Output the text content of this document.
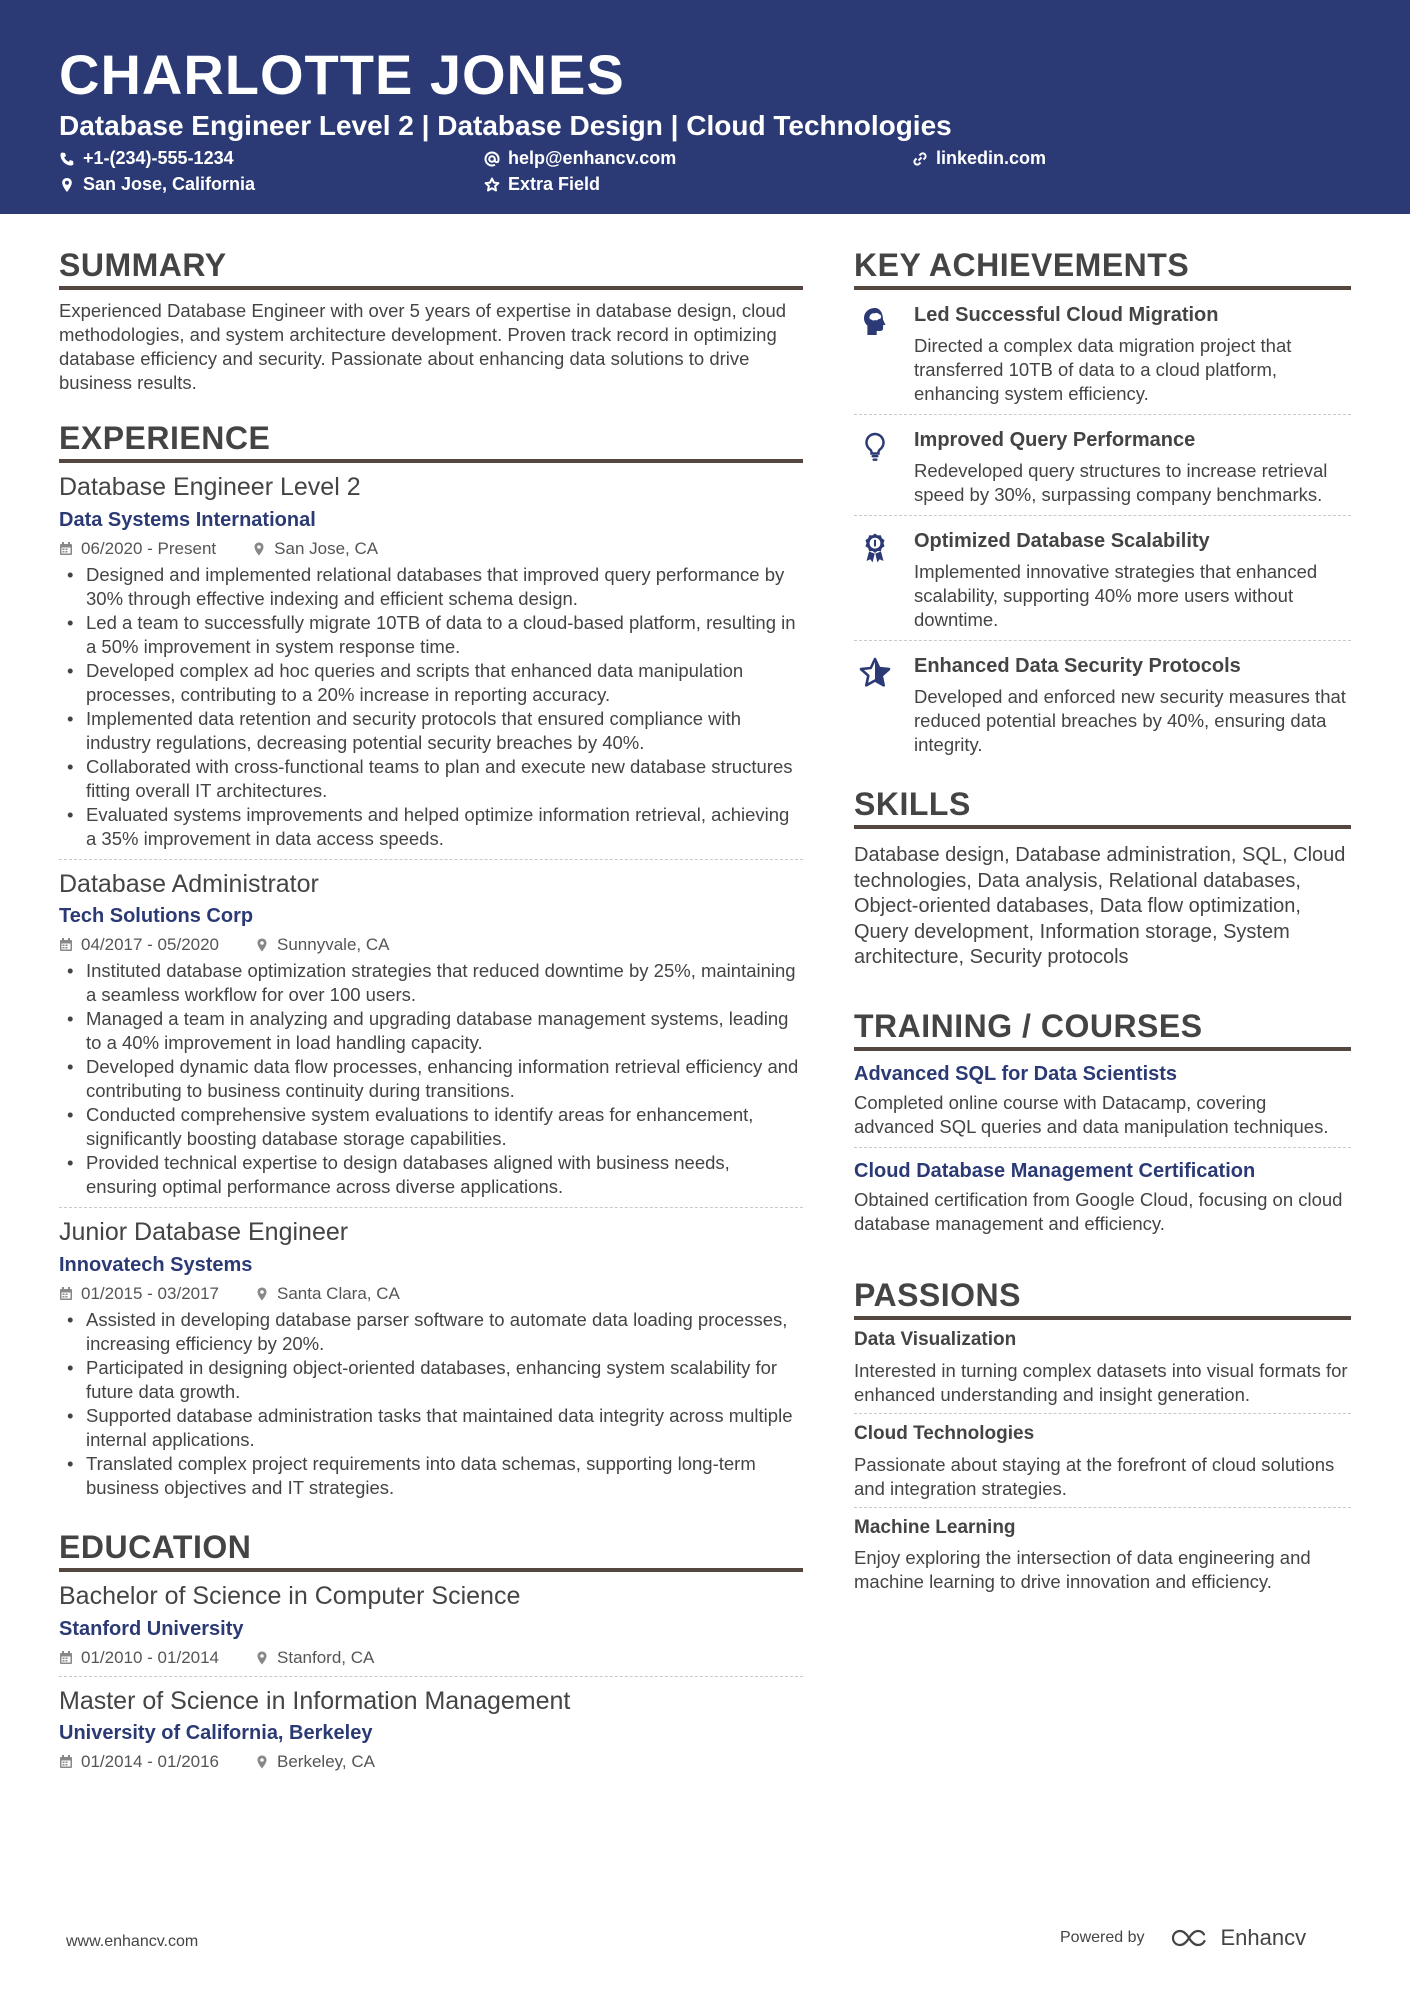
CHARLOTTE JONES
Database Engineer Level 2 | Database Design | Cloud Technologies
+1-(234)-555-1234	help@enhancv.com	linkedin.com
San Jose, California	Extra Field
SUMMARY

Experienced Database Engineer with over 5 years of expertise in database design, cloud methodologies, and system architecture development. Proven track record in optimizing database efficiency and security. Passionate about enhancing data solutions to drive business results.

EXPERIENCE
Database Engineer Level 2
Data Systems International
06/2020 - Present	San Jose, CA
• Designed and implemented relational databases that improved query performance by 30% through effective indexing and efficient schema design.
• Led a team to successfully migrate 10TB of data to a cloud-based platform, resulting in a 50% improvement in system response time.
• Developed complex ad hoc queries and scripts that enhanced data manipulation processes, contributing to a 20% increase in reporting accuracy.
• Implemented data retention and security protocols that ensured compliance with industry regulations, decreasing potential security breaches by 40%.
• Collaborated with cross-functional teams to plan and execute new database structures fitting overall IT architectures.
• Evaluated systems improvements and helped optimize information retrieval, achieving a 35% improvement in data access speeds.
Database Administrator
Tech Solutions Corp
04/2017 - 05/2020	Sunnyvale, CA
• Instituted database optimization strategies that reduced downtime by 25%, maintaining a seamless workflow for over 100 users.
• Managed a team in analyzing and upgrading database management systems, leading to a 40% improvement in load handling capacity.
• Developed dynamic data flow processes, enhancing information retrieval efficiency and contributing to business continuity during transitions.
• Conducted comprehensive system evaluations to identify areas for enhancement, significantly boosting database storage capabilities.
• Provided technical expertise to design databases aligned with business needs, ensuring optimal performance across diverse applications.
Junior Database Engineer
Innovatech Systems
01/2015 - 03/2017	Santa Clara, CA
• Assisted in developing database parser software to automate data loading processes, increasing efficiency by 20%.
• Participated in designing object-oriented databases, enhancing system scalability for future data growth.
• Supported database administration tasks that maintained data integrity across multiple internal applications.
• Translated complex project requirements into data schemas, supporting long-term business objectives and IT strategies.
EDUCATION
Bachelor of Science in Computer Science
Stanford University
01/2010 - 01/2014	Stanford, CA
Master of Science in Information Management
University of California, Berkeley
01/2014 - 01/2016	Berkeley, CA
KEY ACHIEVEMENTS
Led Successful Cloud Migration
Directed a complex data migration project that transferred 10TB of data to a cloud platform, enhancing system efficiency.
Improved Query Performance
Redeveloped query structures to increase retrieval speed by 30%, surpassing company benchmarks.
Optimized Database Scalability
Implemented innovative strategies that enhanced scalability, supporting 40% more users without downtime.
Enhanced Data Security Protocols
Developed and enforced new security measures that reduced potential breaches by 40%, ensuring data integrity.
SKILLS

Database design, Database administration, SQL, Cloud technologies, Data analysis, Relational databases, Object-oriented databases, Data flow optimization, Query development, Information storage, System architecture, Security protocols

TRAINING / COURSES
Advanced SQL for Data Scientists
Completed online course with Datacamp, covering advanced SQL queries and data manipulation techniques.
Cloud Database Management Certification
Obtained certification from Google Cloud, focusing on cloud database management and efficiency.
PASSIONS
Data Visualization
Interested in turning complex datasets into visual formats for enhanced understanding and insight generation.
Cloud Technologies
Passionate about staying at the forefront of cloud solutions and integration strategies.
Machine Learning
Enjoy exploring the intersection of data engineering and machine learning to drive innovation and efficiency.
www.enhancv.com	Powered by	Enhancv
